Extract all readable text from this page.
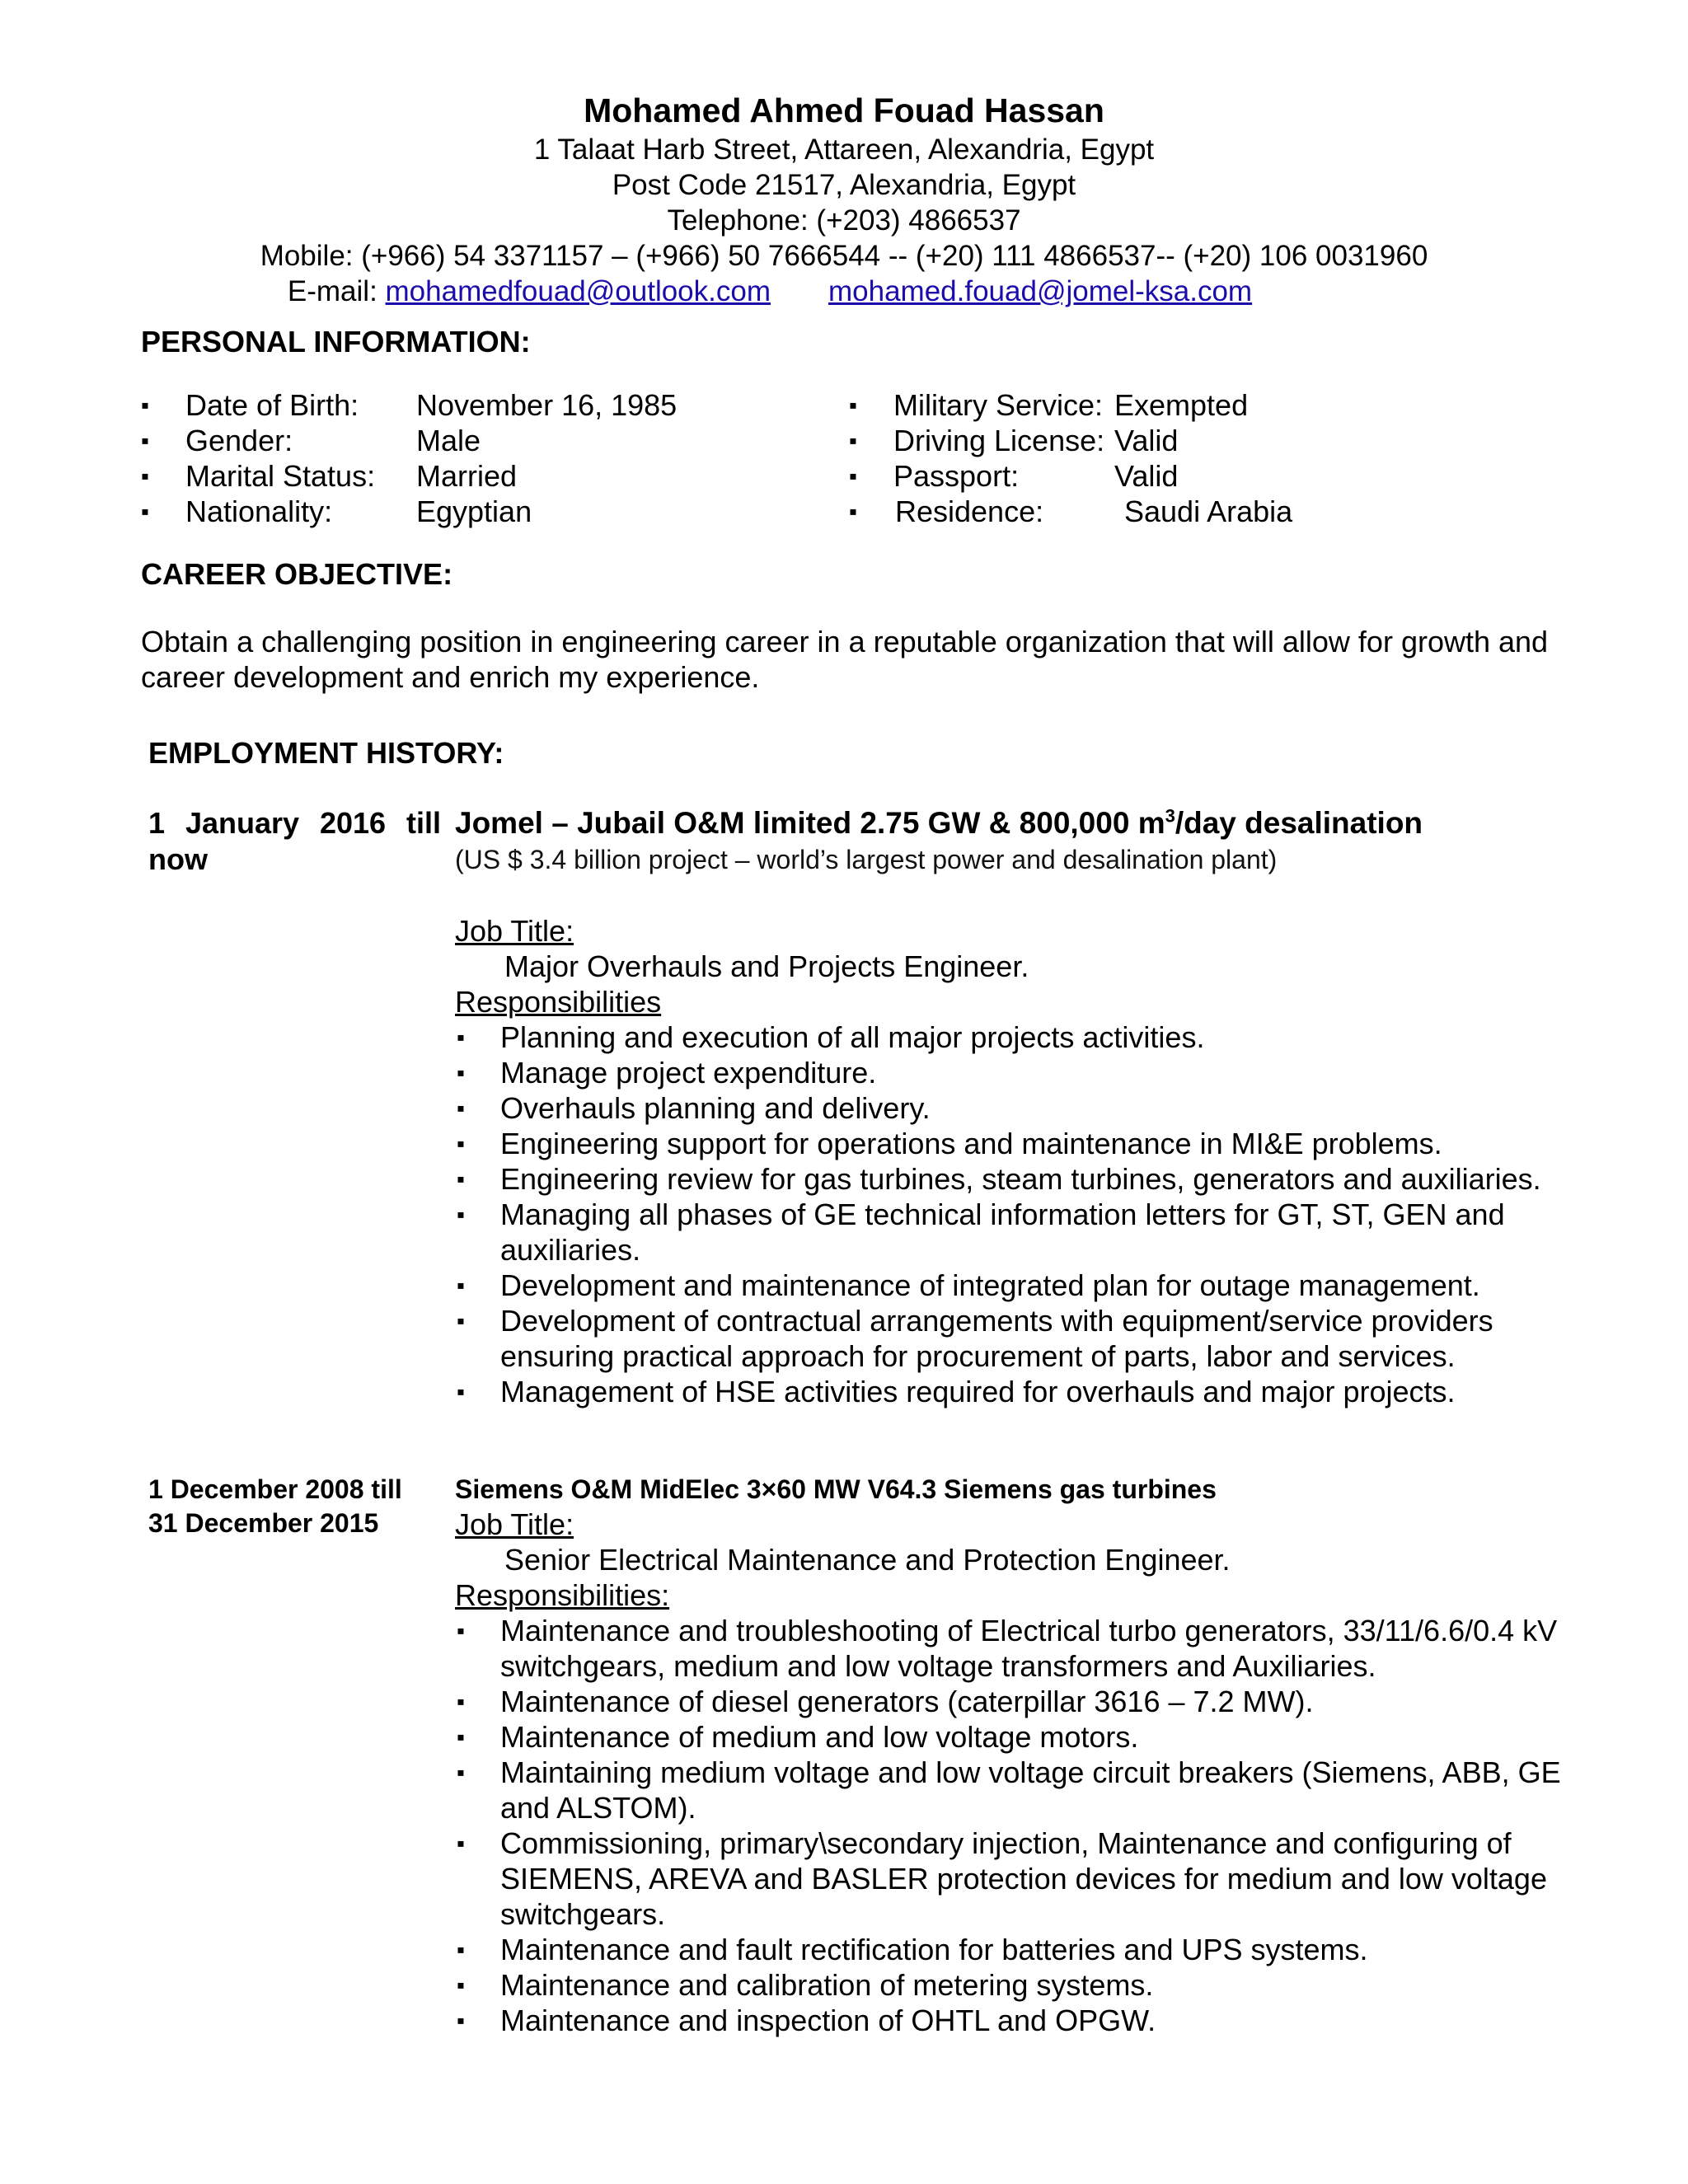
Mohamed Ahmed Fouad Hassan
1 Talaat Harb Street, Attareen, Alexandria, Egypt
Post Code 21517, Alexandria, Egypt
Telephone: (+203) 4866537
Mobile: (+966) 54 3371157 – (+966) 50 7666544 -- (+20) 111 4866537-- (+20) 106 0031960
E-mail: mohamedfouad@outlook.com mohamed.fouad@jomel-ksa.com
PERSONAL INFORMATION:
▪ Date of Birth: November 16, 1985
▪ Gender:	Male
▪ Marital Status: Married
▪ Nationality:	Egyptian
▪ Military Service: Exempted
▪ Driving License: Valid
▪ Passport:	Valid
▪ Residence:	Saudi Arabia
CAREER OBJECTIVE:
Obtain a challenging position in engineering career in a reputable organization that will allow for growth and career development and enrich my experience.
EMPLOYMENT HISTORY:
1 January 2016 till
now
Jomel – Jubail O&M limited 2.75 GW & 800,000 $m^3$/day desalination
(US $ 3.4 billion project – world’s largest power and desalination plant)
Job Title:
Major Overhauls and Projects Engineer.
Responsibilities
▪ Planning and execution of all major projects activities.
▪ Manage project expenditure.
▪ Overhauls planning and delivery.
▪ Engineering support for operations and maintenance in MI&E problems.
▪ Engineering review for gas turbines, steam turbines, generators and auxiliaries.
▪ Managing all phases of GE technical information letters for GT, ST, GEN and auxiliaries.
▪ Development and maintenance of integrated plan for outage management.
▪ Development of contractual arrangements with equipment/service providers ensuring practical approach for procurement of parts, labor and services.
▪ Management of HSE activities required for overhauls and major projects.
1 December 2008 till
31 December 2015
Siemens O&M MidElec 3×60 MW V64.3 Siemens gas turbines
Job Title:
Senior Electrical Maintenance and Protection Engineer.
Responsibilities:
▪ Maintenance and troubleshooting of Electrical turbo generators, 33/11/6.6/0.4 kV switchgears, medium and low voltage transformers and Auxiliaries.
▪ Maintenance of diesel generators (caterpillar 3616 – 7.2 MW).
▪ Maintenance of medium and low voltage motors.
▪ Maintaining medium voltage and low voltage circuit breakers (Siemens, ABB, GE and ALSTOM).
▪ Commissioning, primary\secondary injection, Maintenance and configuring of SIEMENS, AREVA and BASLER protection devices for medium and low voltage switchgears.
▪ Maintenance and fault rectification for batteries and UPS systems.
▪ Maintenance and calibration of metering systems.
▪ Maintenance and inspection of OHTL and OPGW.
